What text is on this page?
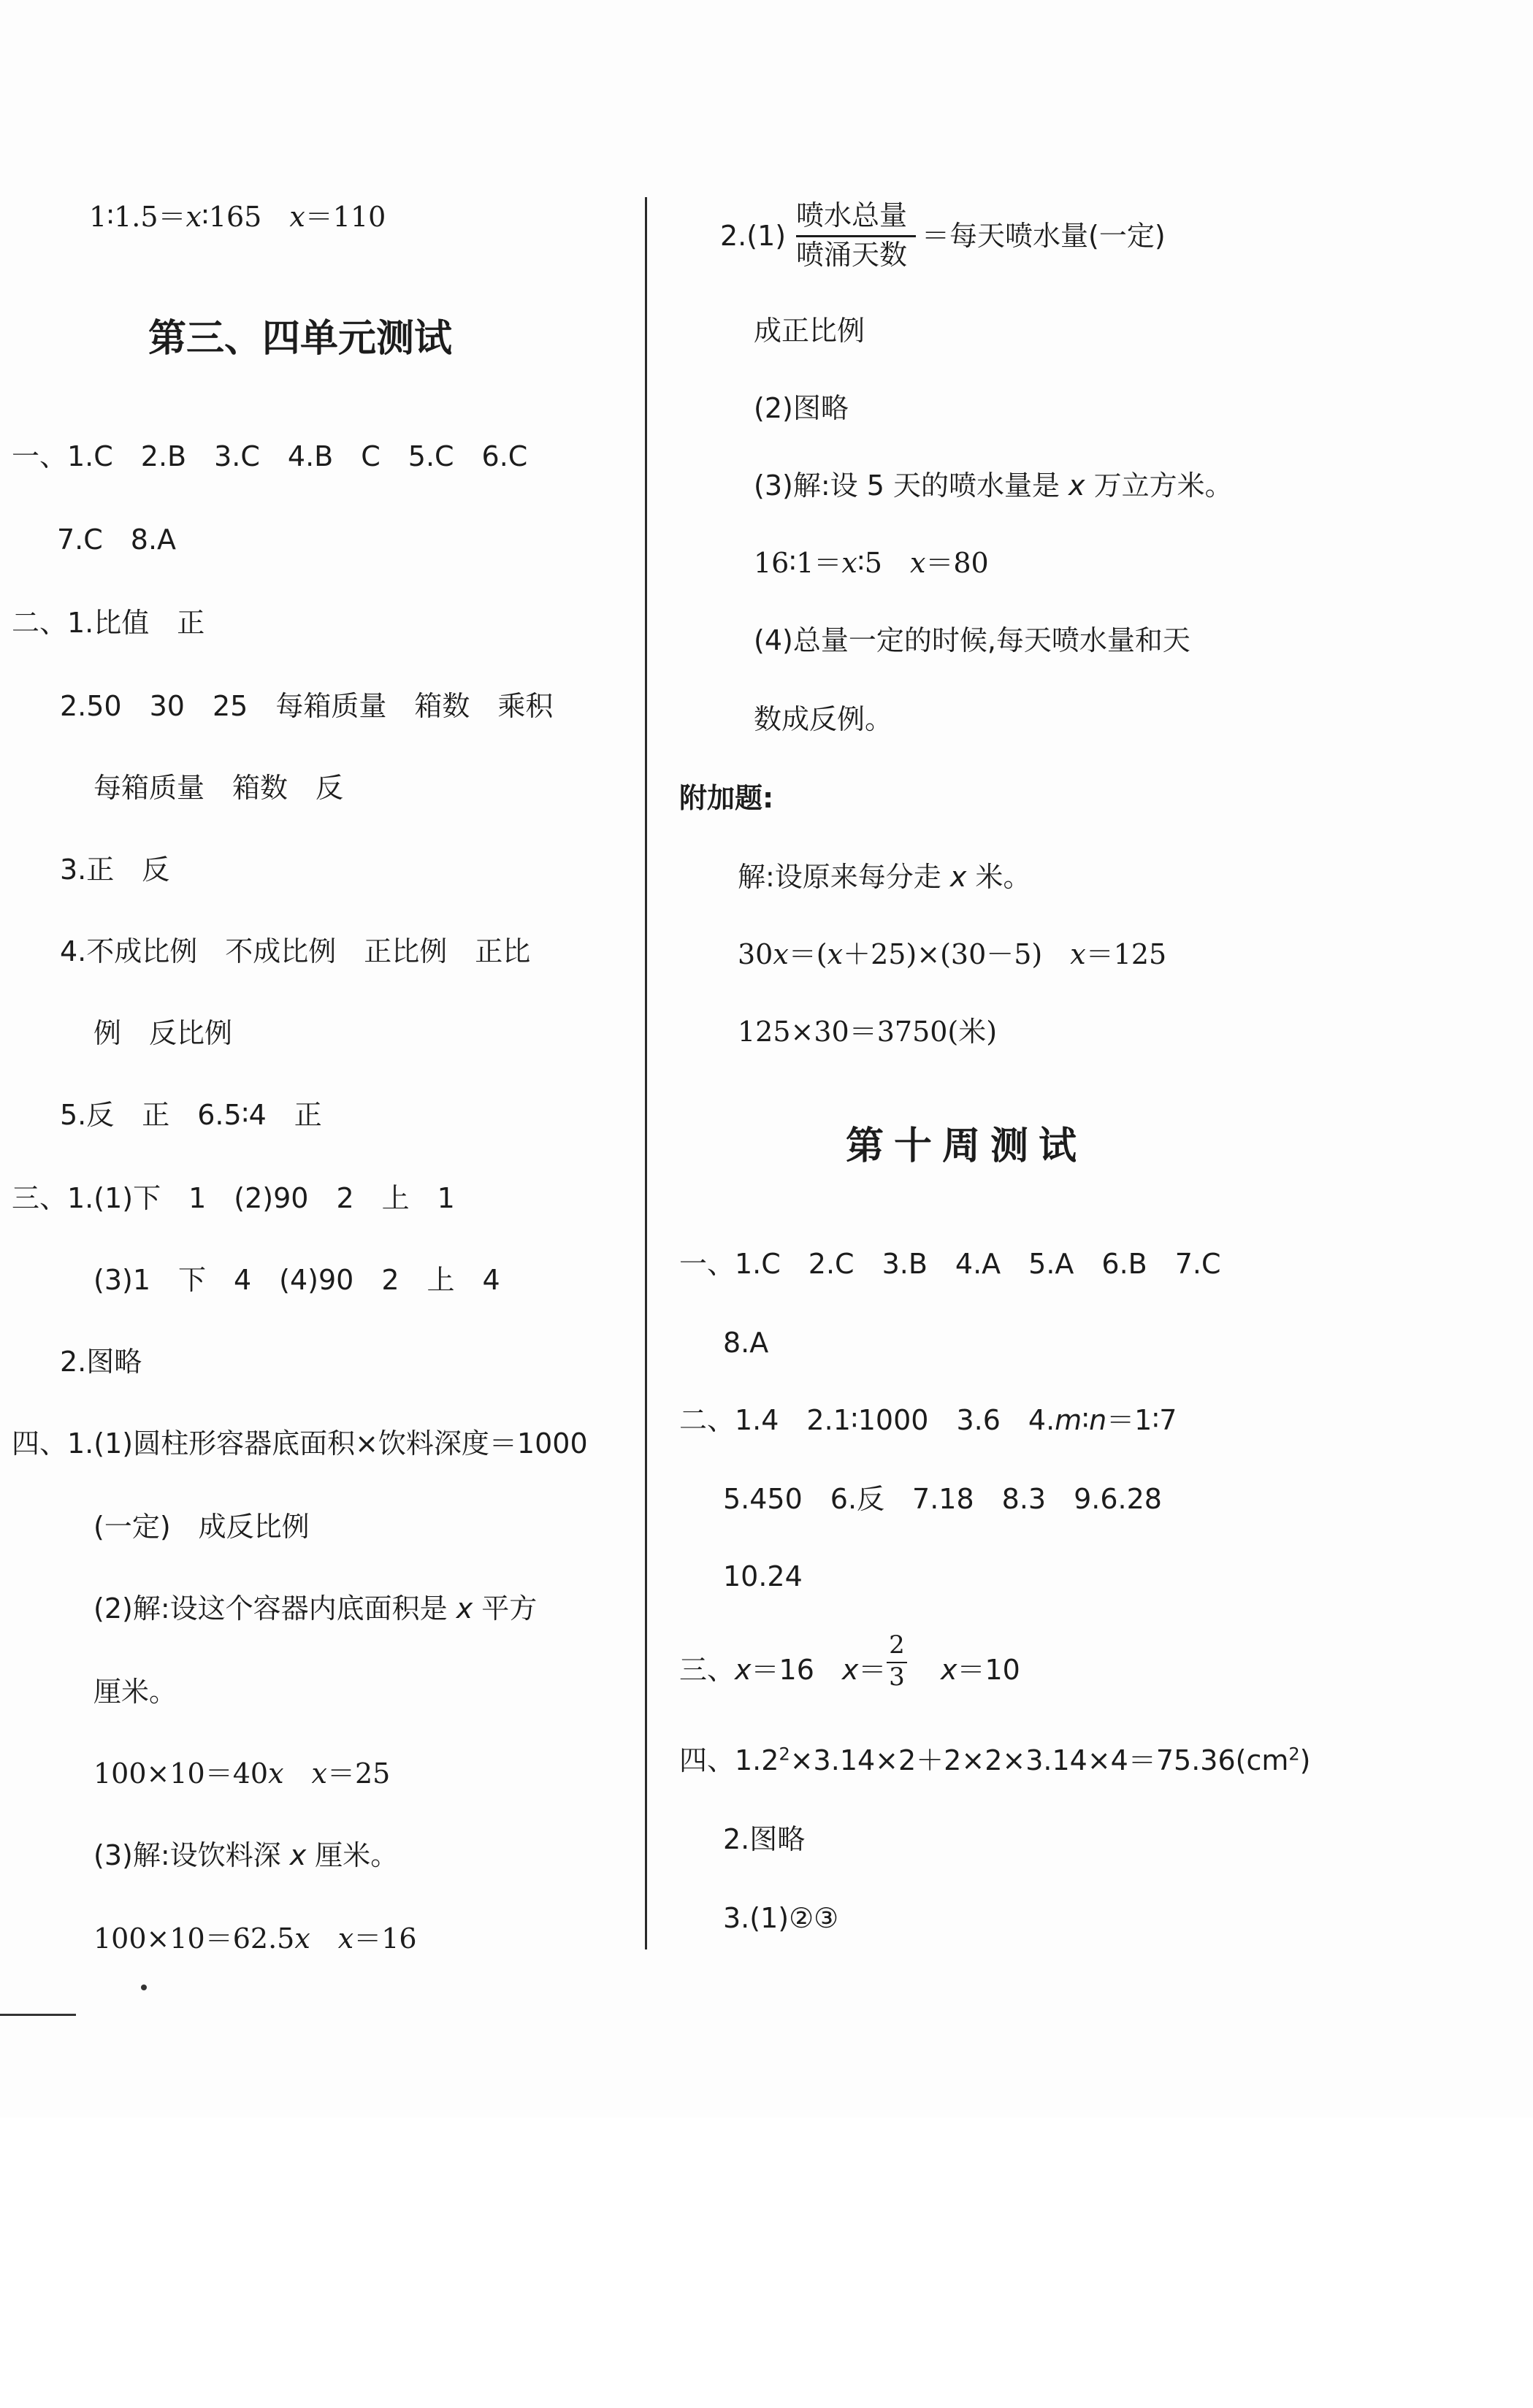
1∶1.5＝x∶165　x＝110
第三、四单元测试
一、1.C　2.B　3.C　4.B　C　5.C　6.C
7.C　8.A
二、1.比值　正
2.50　30　25　每箱质量　箱数　乘积
每箱质量　箱数　反
3.正　反
4.不成比例　不成比例　正比例　正比
例　反比例
5.反　正　6.5∶4　正
三、1.(1)下　1　(2)90　2　上　1
(3)1　下　4　(4)90　2　上　4
2.图略
四、1.(1)圆柱形容器底面积×饮料深度＝1000
(一定)　成反比例
(2)解:设这个容器内底面积是 x 平方
厘米。
100×10＝40x　 x＝25
(3)解:设饮料深 x 厘米。
100×10＝62.5x　 x＝16
2.(1)
喷水总量
喷涌天数
＝每天喷水量(一定)
成正比例
(2)图略
(3)解:设 5 天的喷水量是 x 万立方米。
16∶1＝x∶5　x＝80
(4)总量一定的时候,每天喷水量和天
数成反例。
附加题:
解:设原来每分走 x 米。
30x＝(x＋25)×(30－5)　x＝125
125×30＝3750(米)
第十周测试
一、1.C　2.C　3.B　4.A　5.A　6.B　7.C
8.A
二、1.4　2.1∶1000　3.6　4.m∶n＝1∶7
5.450　6.反　7.18　8.3　9.6.28
10.24
三、x＝16　x＝
2
3 x＝10
四、$1.2^2\times 3.14\times 2+2\times 2\times 3.14\times 4=75.36(cm^2)$
2.图略
3.(1)②③
